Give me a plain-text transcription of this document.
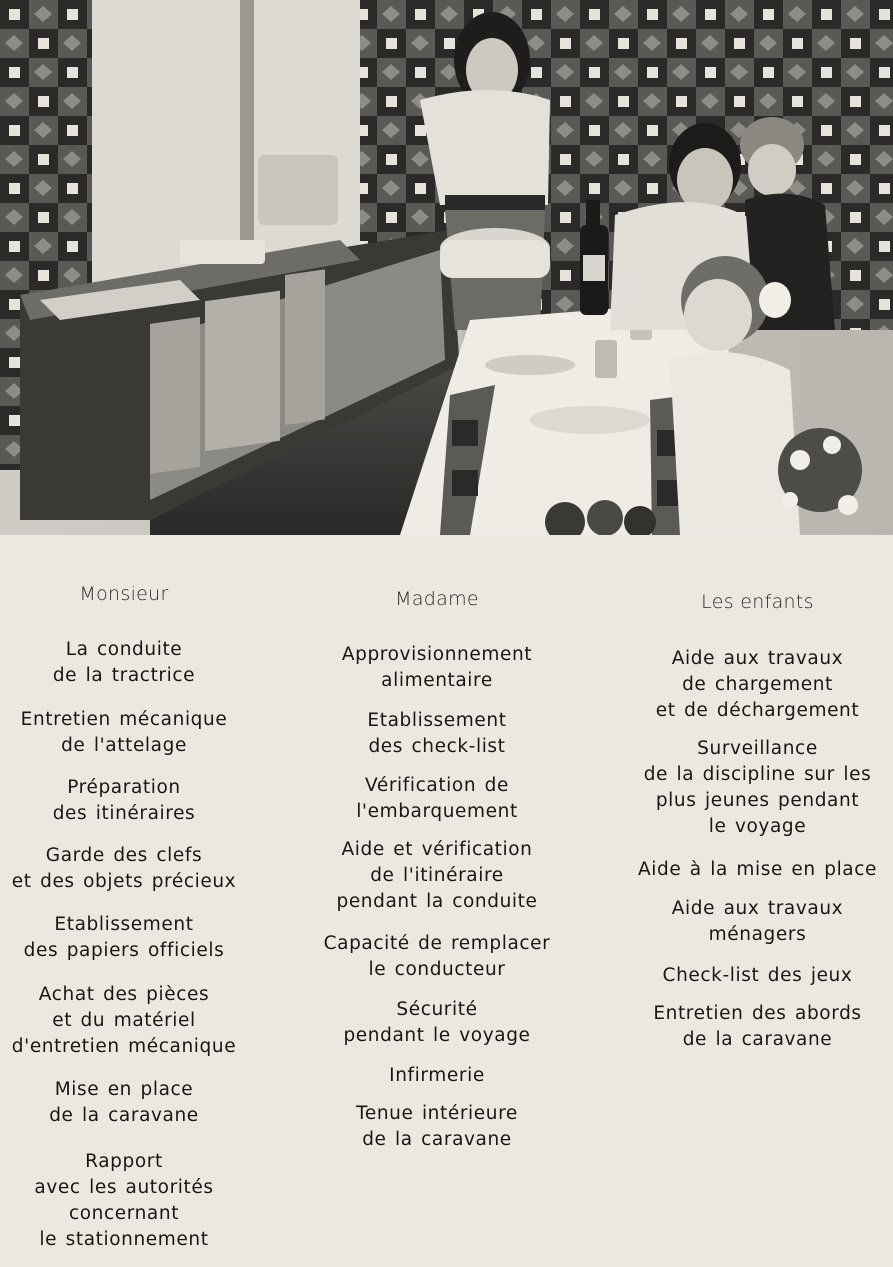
Monsieur

La conduite
de la tractrice

Entretien mécanique
de l'attelage

Préparation
des itinéraires

Garde des clefs
et des objets précieux

Etablissement
des papiers officiels

Achat des pièces
et du matériel
d'entretien mécanique

Mise en place
de la caravane

Rapport
avec les autorités
concernant
le stationnement

Madame

Approvisionnement
alimentaire

Etablissement
des check-list

Vérification de
l'embarquement

Aide et vérification
de l'itinéraire
pendant la conduite

Capacité de remplacer
le conducteur

Sécurité
pendant le voyage

Infirmerie

Tenue intérieure
de la caravane

Les enfants

Aide aux travaux
de chargement
et de déchargement

Surveillance
de la discipline sur les
plus jeunes pendant
le voyage

Aide à la mise en place

Aide aux travaux
ménagers

Check-list des jeux

Entretien des abords
de la caravane
